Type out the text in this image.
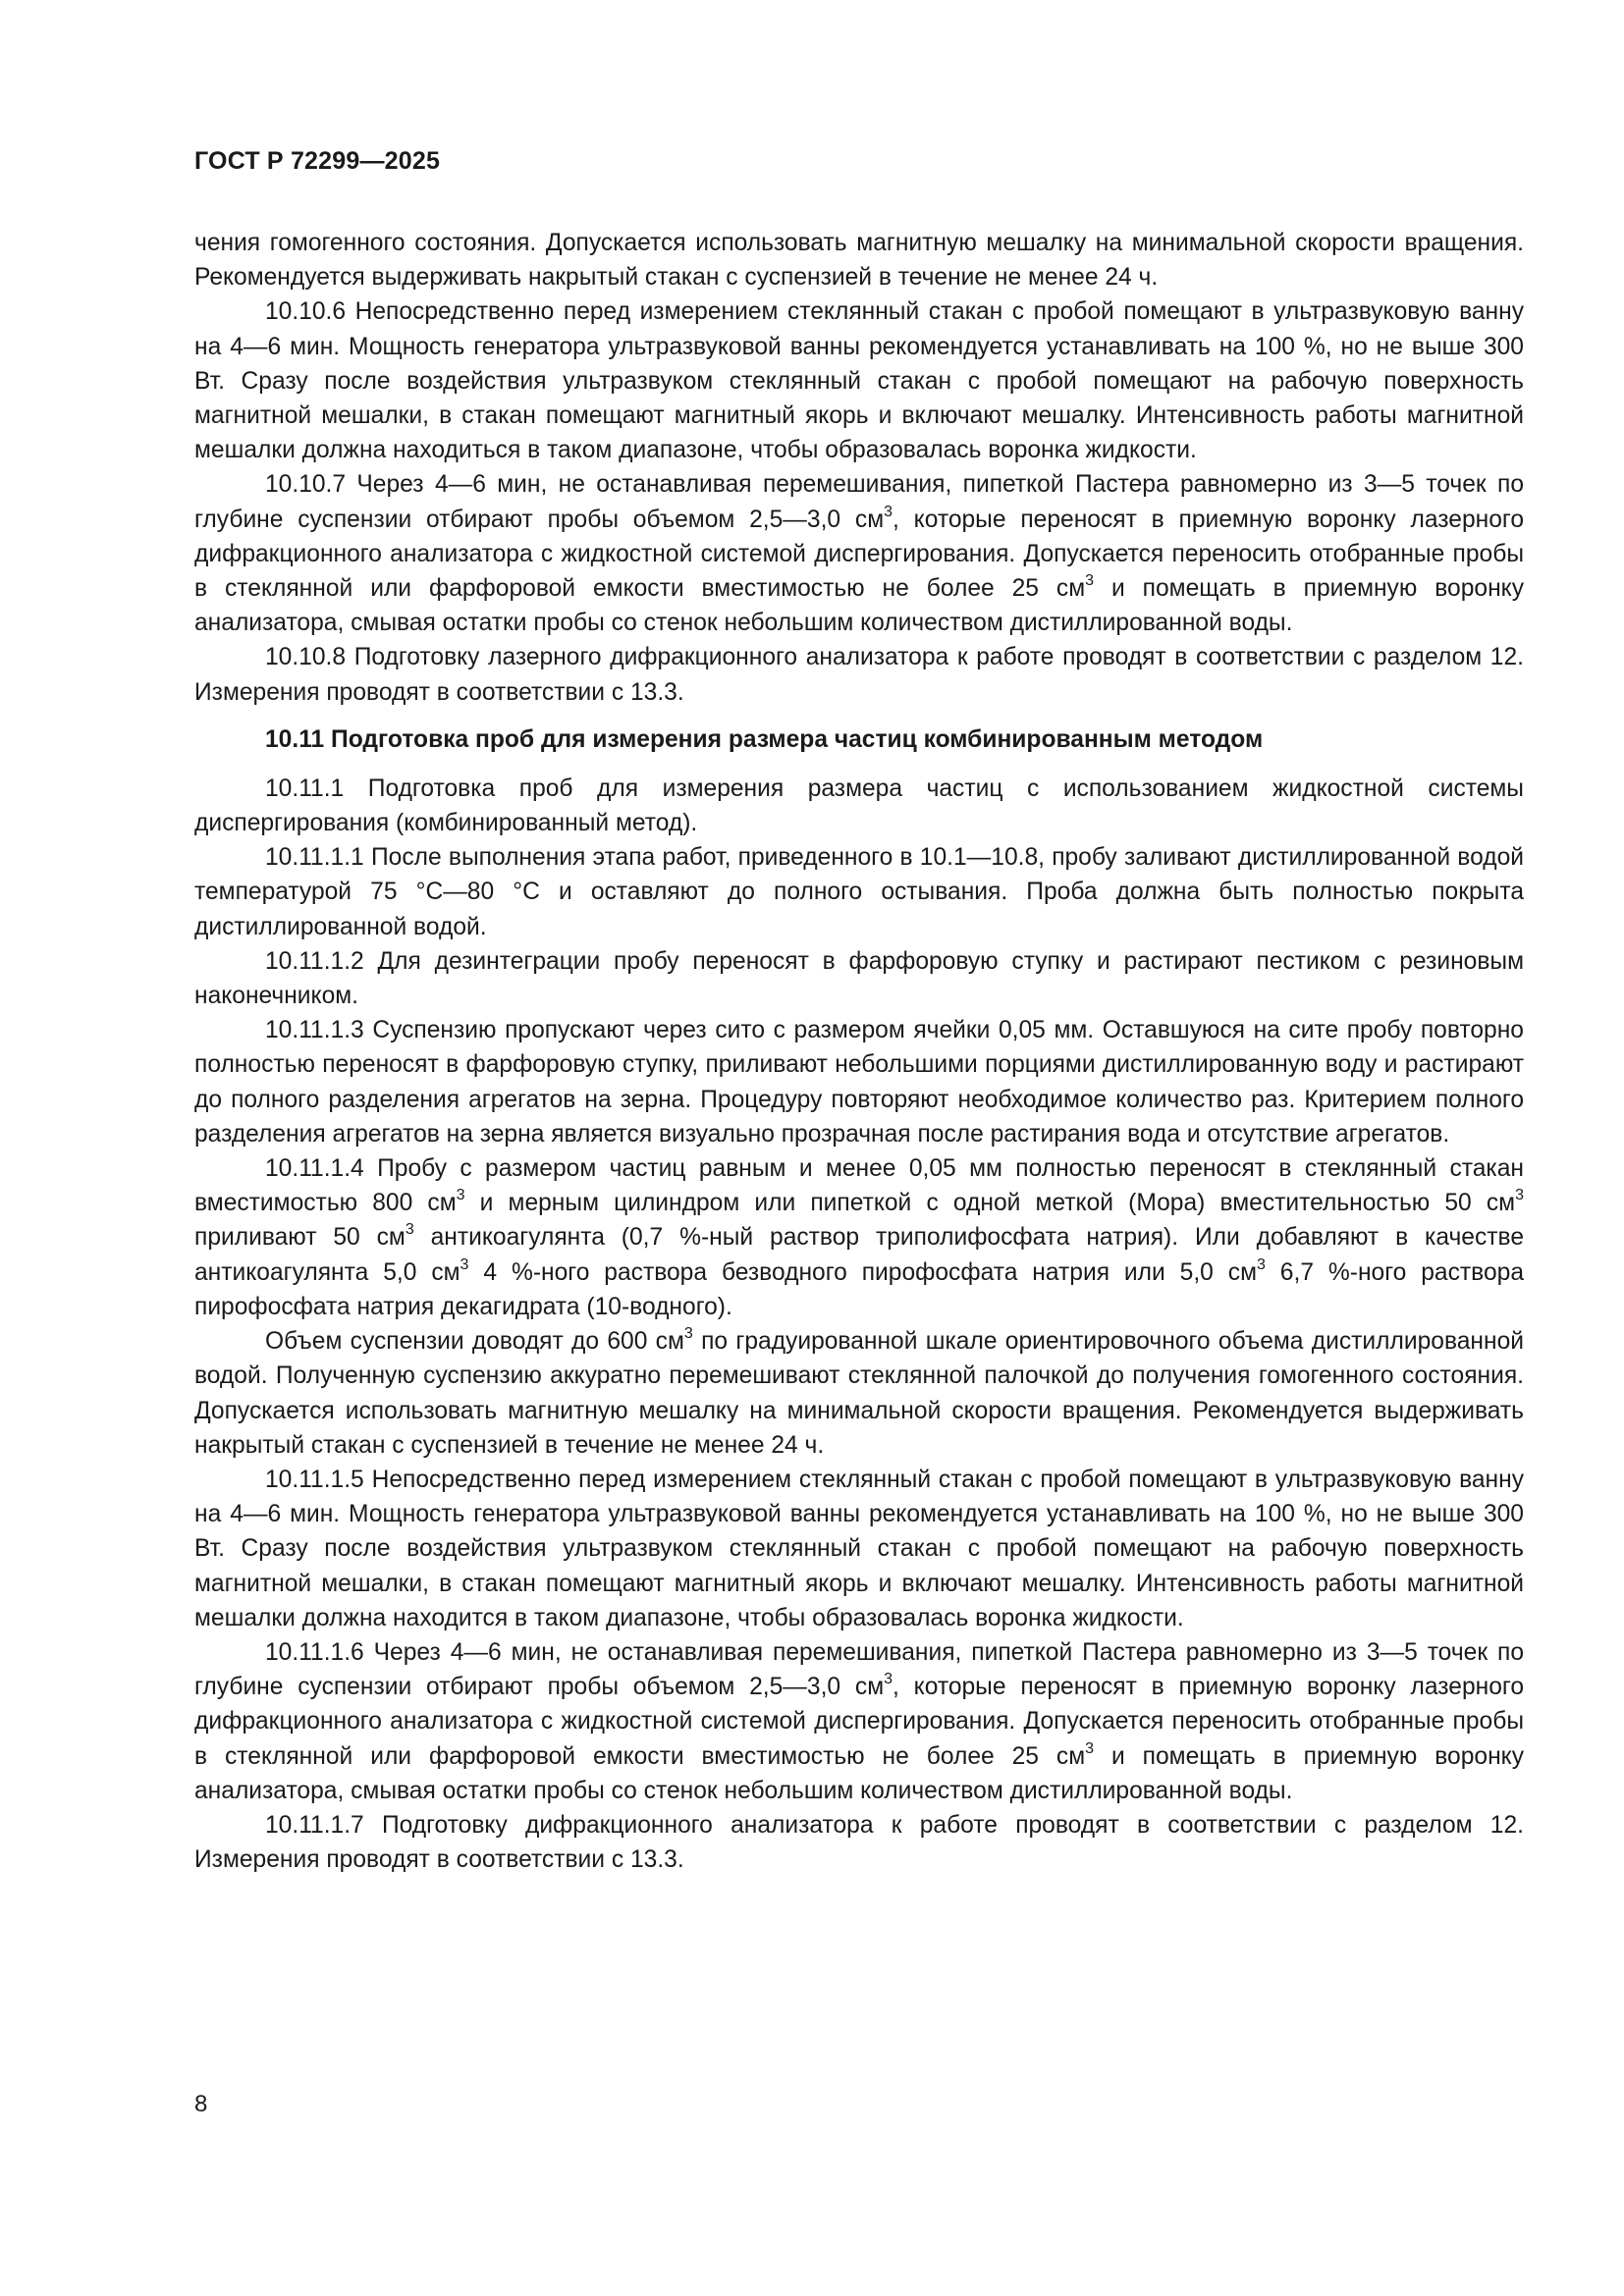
ГОСТ Р 72299—2025

чения гомогенного состояния. Допускается использовать магнитную мешалку на минимальной скорости вращения. Рекомендуется выдерживать накрытый стакан с суспензией в течение не менее 24 ч.

10.10.6 Непосредственно перед измерением стеклянный стакан с пробой помещают в ультразвуковую ванну на 4—6 мин. Мощность генератора ультразвуковой ванны рекомендуется устанавливать на 100 %, но не выше 300 Вт. Сразу после воздействия ультразвуком стеклянный стакан с пробой помещают на рабочую поверхность магнитной мешалки, в стакан помещают магнитный якорь и включают мешалку. Интенсивность работы магнитной мешалки должна находиться в таком диапазоне, чтобы образовалась воронка жидкости.

10.10.7 Через 4—6 мин, не останавливая перемешивания, пипеткой Пастера равномерно из 3—5 точек по глубине суспензии отбирают пробы объемом 2,5—3,0 $см^3$, которые переносят в приемную воронку лазерного дифракционного анализатора с жидкостной системой диспергирования. Допускается переносить отобранные пробы в стеклянной или фарфоровой емкости вместимостью не более 25 $см^3$ и помещать в приемную воронку анализатора, смывая остатки пробы со стенок небольшим количеством дистиллированной воды.

10.10.8 Подготовку лазерного дифракционного анализатора к работе проводят в соответствии с разделом 12. Измерения проводят в соответствии с 13.3.

10.11 Подготовка проб для измерения размера частиц комбинированным методом

10.11.1 Подготовка проб для измерения размера частиц с использованием жидкостной системы диспергирования (комбинированный метод).

10.11.1.1 После выполнения этапа работ, приведенного в 10.1—10.8, пробу заливают дистиллированной водой температурой 75 °С—80 °С и оставляют до полного остывания. Проба должна быть полностью покрыта дистиллированной водой.

10.11.1.2 Для дезинтеграции пробу переносят в фарфоровую ступку и растирают пестиком с резиновым наконечником.

10.11.1.3 Суспензию пропускают через сито с размером ячейки 0,05 мм. Оставшуюся на сите пробу повторно полностью переносят в фарфоровую ступку, приливают небольшими порциями дистиллированную воду и растирают до полного разделения агрегатов на зерна. Процедуру повторяют необходимое количество раз. Критерием полного разделения агрегатов на зерна является визуально прозрачная после растирания вода и отсутствие агрегатов.

10.11.1.4 Пробу с размером частиц равным и менее 0,05 мм полностью переносят в стеклянный стакан вместимостью 800 $см^3$ и мерным цилиндром или пипеткой с одной меткой (Мора) вместительностью 50 $см^3$ приливают 50 $см^3$ антикоагулянта (0,7 %-ный раствор триполифосфата натрия). Или добавляют в качестве антикоагулянта 5,0 $см^3$ 4 %-ного раствора безводного пирофосфата натрия или 5,0 $см^3$ 6,7 %-ного раствора пирофосфата натрия декагидрата (10-водного).

Объем суспензии доводят до 600 $см^3$ по градуированной шкале ориентировочного объема дистиллированной водой. Полученную суспензию аккуратно перемешивают стеклянной палочкой до получения гомогенного состояния. Допускается использовать магнитную мешалку на минимальной скорости вращения. Рекомендуется выдерживать накрытый стакан с суспензией в течение не менее 24 ч.

10.11.1.5 Непосредственно перед измерением стеклянный стакан с пробой помещают в ультразвуковую ванну на 4—6 мин. Мощность генератора ультразвуковой ванны рекомендуется устанавливать на 100 %, но не выше 300 Вт. Сразу после воздействия ультразвуком стеклянный стакан с пробой помещают на рабочую поверхность магнитной мешалки, в стакан помещают магнитный якорь и включают мешалку. Интенсивность работы магнитной мешалки должна находится в таком диапазоне, чтобы образовалась воронка жидкости.

10.11.1.6 Через 4—6 мин, не останавливая перемешивания, пипеткой Пастера равномерно из 3—5 точек по глубине суспензии отбирают пробы объемом 2,5—3,0 $см^3$, которые переносят в приемную воронку лазерного дифракционного анализатора с жидкостной системой диспергирования. Допускается переносить отобранные пробы в стеклянной или фарфоровой емкости вместимостью не более 25 $см^3$ и помещать в приемную воронку анализатора, смывая остатки пробы со стенок небольшим количеством дистиллированной воды.

10.11.1.7 Подготовку дифракционного анализатора к работе проводят в соответствии с разделом 12. Измерения проводят в соответствии с 13.3.

8
